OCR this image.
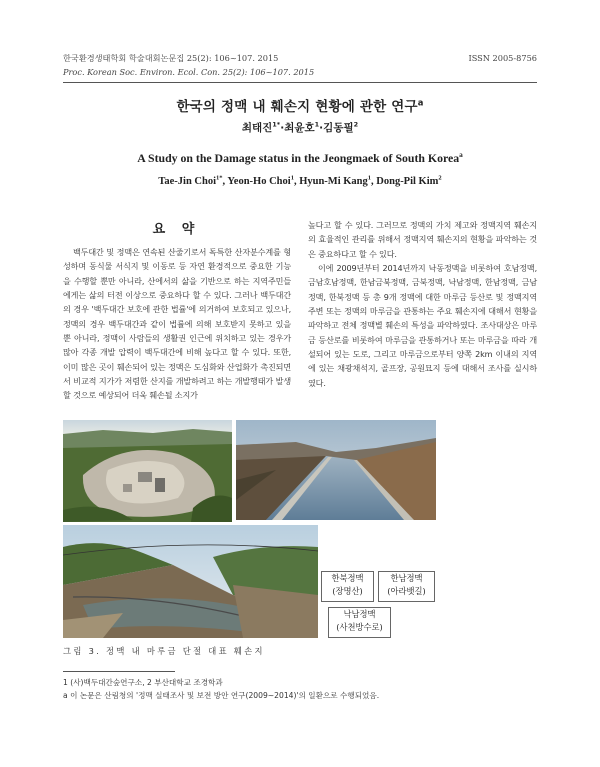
한국환경생태학회 학술대회논문집 25(2): 106~107. 2015	ISSN 2005-8756
Proc. Korean Soc. Environ. Ecol. Con. 25(2): 106~107. 2015
한국의 정맥 내 훼손지 현황에 관한 연구$^a$
최태진$^{1*}$·최윤호$^1$·김동필$^2$
A Study on the Damage status in the Jeongmaek of South Korea$^a$
Tae-Jin Choi$^{1*}$, Yeon-Ho Choi$^1$, Hyun-Mi Kang$^1$, Dong-Pil Kim$^2$
요 약

백두대간 및 정맥은 연속된 산줄기로서 독특한 산자분수계를 형성하며 동식물 서식지 및 이동로 등 자연 환경적으로 중요한 기능을 수행할 뿐만 아니라, 산에서의 삶을 기반으로 하는 지역주민들에게는 삶의 터전 이상으로 중요하다 할 수 있다. 그러나 백두대간의 경우 '백두대간 보호에 관한 법률'에 의거하여 보호되고 있으나, 정맥의 경우 백두대간과 같이 법률에 의해 보호받지 못하고 있을 뿐 아니라, 정맥이 사람들의 생활권 인근에 위치하고 있는 경우가 많아 각종 개발 압력이 백두대간에 비해 높다고 할 수 있다. 또한, 이미 많은 곳이 훼손되어 있는 정맥은 도심화와 산업화가 촉진되면서 비교적 지가가 저렴한 산지를 개발하려고 하는 개발행태가 발생할 것으로 예상되어 더욱 훼손될 소지가

높다고 할 수 있다. 그러므로 정맥의 가치 제고와 정맥지역 훼손지의 효율적인 관리를 위해서 정맥지역 훼손지의 현황을 파악하는 것은 중요하다고 할 수 있다.

이에 2009년부터 2014년까지 낙동정맥을 비롯하여 호남정맥, 금남호남정맥, 한남금북정맥, 금북정맥, 낙남정맥, 한남정맥, 금남정맥, 한북정맥 등 총 9개 정맥에 대한 마루금 등산로 및 정맥지역 주변 또는 정맥의 마루금을 관통하는 주요 훼손지에 대해서 현황을 파악하고 전체 정맥별 훼손의 특성을 파악하였다. 조사대상은 마루금 등산로를 비롯하여 마루금을 관통하거나 또는 마루금을 따라 개설되어 있는 도로, 그리고 마루금으로부터 양쪽 2km 이내의 지역에 있는 채광채석지, 골프장, 공원묘지 등에 대해서 조사를 실시하였다.

한북정맥
(장명산)
한남정맥
(아라뱃길)
낙남정맥
(사천방수로)
그림 3. 정맥 내 마루금 단절 대표 훼손지
1 (사)백두대간숲연구소, 2 부산대학교 조경학과
a 이 논문은 산림청의 '정맥 실태조사 및 보전 방안 연구(2009~2014)'의 일환으로 수행되었음.
